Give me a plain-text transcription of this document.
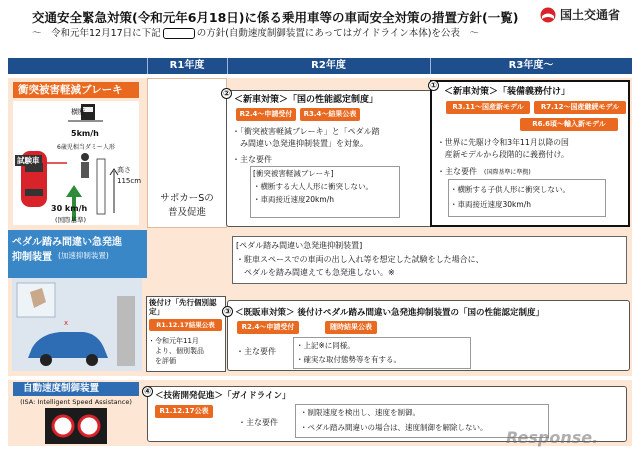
交通安全緊急対策(令和元年6月18日)に係る乗用車等の車両安全対策の措置方針(一覧)
〜　令和元年12月17日に下記	の方針(自動速度制御装置にあってはガイドライン本体)を公表　〜
国土交通省
R1年度	R2年度	R3年度〜
サポカーSの
普及促進
衝突被害軽減ブレーキ
横断
5km/h
6歳児相当ダミー人形
試験車
高さ
115cm
30 km/h
(国際基準)
②
＜新車対策＞「国の性能認定制度」
R2.4〜申請受付	R3.4〜結果公表
・「衝突被害軽減ブレーキ」と「ペダル踏
　み間違い急発進抑制装置」を対象。
・主な要件
[衝突被害軽減ブレーキ]
・横断する大人人形に衝突しない。
・車両接近速度20km/h
①
＜新車対策＞「装備義務付け」
R3.11〜国産新モデル	R7.12〜国産継続モデル
R6.6頃〜輸入新モデル
・世界に先駆け令和3年11月以降の国
　産新モデルから段階的に義務付け。
・主な要件 (国際基準に準拠)
・横断する子供人形に衝突しない。
・車両接近速度30km/h
ペダル踏み間違い急発進
抑制装置 (加速抑制装置)
x
[ペダル踏み間違い急発進抑制装置]
・駐車スペースでの車両の出し入れ等を想定した試験をした場合に、
　ペダルを踏み間違えても急発進しない。※
後付け「先行個別認定」
R1.12.17結果公表
・令和元年11月
　より、個別製品
　を評価
③ ＜既販車対策＞ 後付けペダル踏み間違い急発進抑制装置の「国の性能認定制度」
R2.4〜申請受付	随時結果公表
・主な要件
・上記※に同様。
・確実な取付態勢等を有する。
自動速度制御装置
(ISA: Intelligent Speed Assistance)
④ ＜技術開発促進＞「ガイドライン」
R1.12.17公表
・主な要件
・制限速度を検出し、速度を制御。
・ペダル踏み間違いの場合は、速度制御を解除しない。
Response.
